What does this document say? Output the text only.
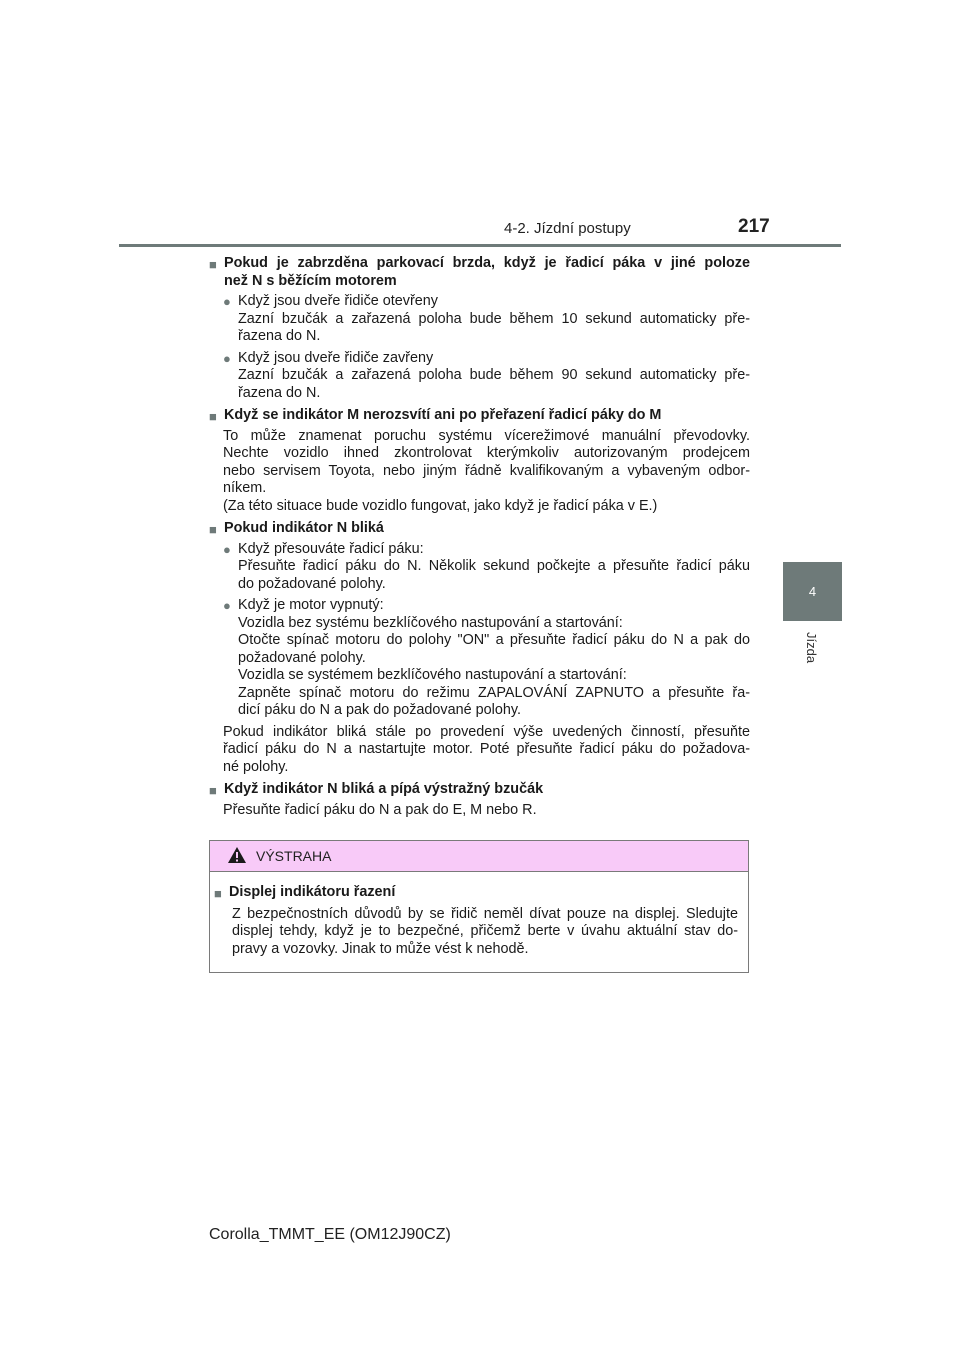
4-2. Jízdní postupy	217
4
Jízda
■ Pokud je zabrzděna parkovací brzda, když je řadicí páka v jiné poloze
než N s běžícím motorem
● Když jsou dveře řidiče otevřeny
Zazní bzučák a zařazená poloha bude během 10 sekund automaticky pře-
řazena do N.
● Když jsou dveře řidiče zavřeny
Zazní bzučák a zařazená poloha bude během 90 sekund automaticky pře-
řazena do N.
■ Když se indikátor M nerozsvítí ani po přeřazení řadicí páky do M
To může znamenat poruchu systému vícerežimové manuální převodovky.
Nechte vozidlo ihned zkontrolovat kterýmkoliv autorizovaným prodejcem
nebo servisem Toyota, nebo jiným řádně kvalifikovaným a vybaveným odbor-
níkem.
(Za této situace bude vozidlo fungovat, jako když je řadicí páka v E.)
■ Pokud indikátor N bliká
● Když přesouváte řadicí páku:
Přesuňte řadicí páku do N. Několik sekund počkejte a přesuňte řadicí páku
do požadované polohy.
● Když je motor vypnutý:
Vozidla bez systému bezklíčového nastupování a startování:
Otočte spínač motoru do polohy "ON" a přesuňte řadicí páku do N a pak do
požadované polohy.
Vozidla se systémem bezklíčového nastupování a startování:
Zapněte spínač motoru do režimu ZAPALOVÁNÍ ZAPNUTO a přesuňte řa-
dicí páku do N a pak do požadované polohy.
Pokud indikátor bliká stále po provedení výše uvedených činností, přesuňte
řadicí páku do N a nastartujte motor. Poté přesuňte řadicí páku do požadova-
né polohy.
■ Když indikátor N bliká a pípá výstražný bzučák
Přesuňte řadicí páku do N a pak do E, M nebo R.
VÝSTRAHA
■ Displej indikátoru řazení
Z bezpečnostních důvodů by se řidič neměl dívat pouze na displej. Sledujte
displej tehdy, když je to bezpečné, přičemž berte v úvahu aktuální stav do-
pravy a vozovky. Jinak to může vést k nehodě.
Corolla_TMMT_EE (OM12J90CZ)
